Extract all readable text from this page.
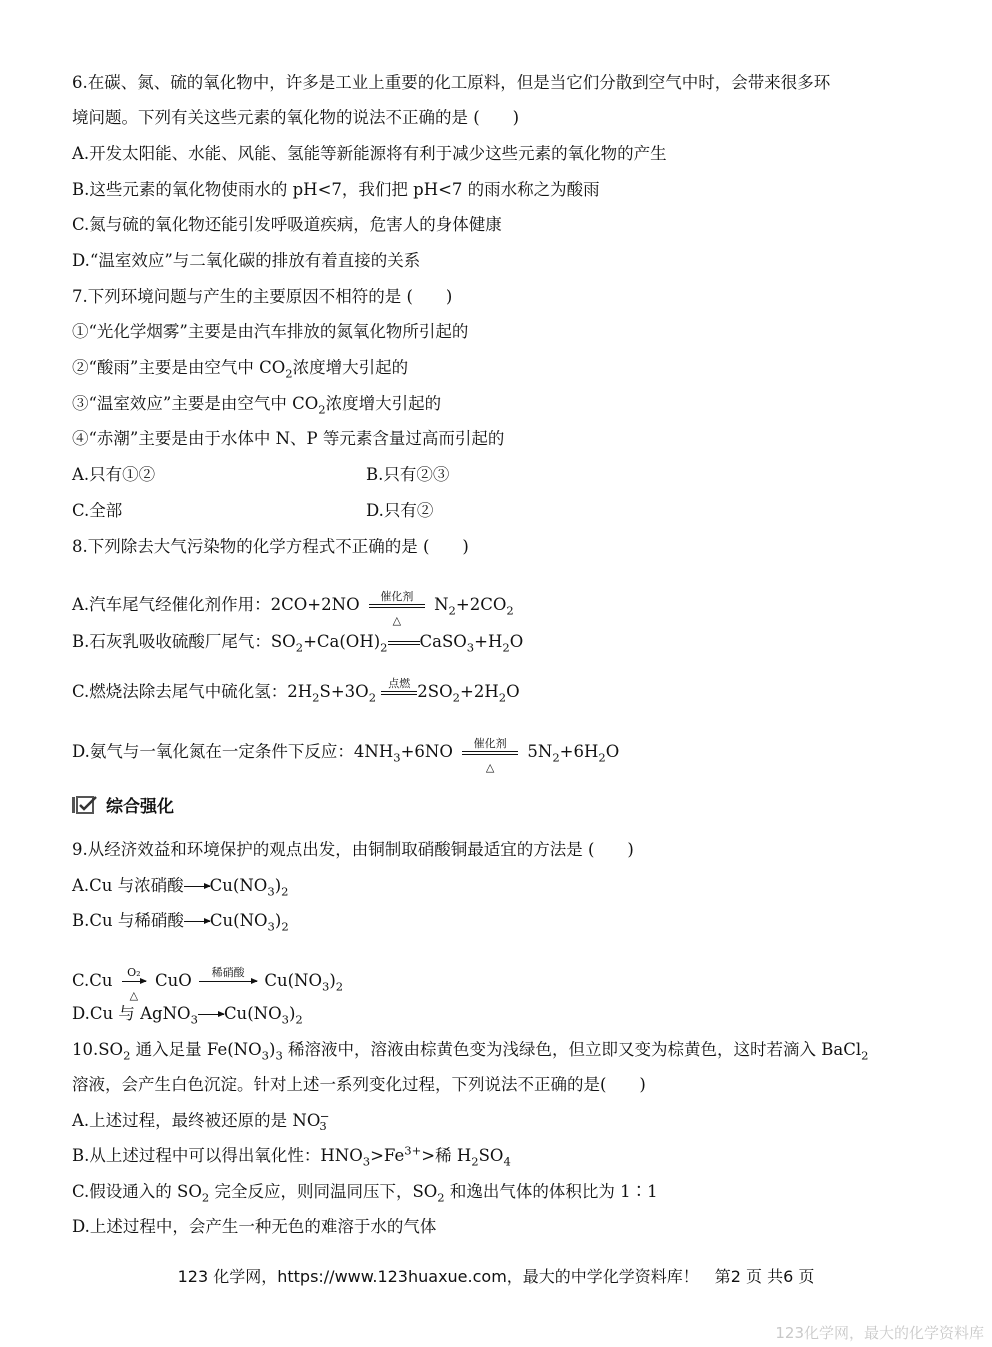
6.在碳、氮、硫的氧化物中，许多是工业上重要的化工原料，但是当它们分散到空气中时，会带来很多环
境问题。下列有关这些元素的氧化物的说法不正确的是 (　　)
A.开发太阳能、水能、风能、氢能等新能源将有利于减少这些元素的氧化物的产生
B.这些元素的氧化物使雨水的 pH<7，我们把 pH<7 的雨水称之为酸雨
C.氮与硫的氧化物还能引发呼吸道疾病，危害人的身体健康
D.“温室效应”与二氧化碳的排放有着直接的关系
7.下列环境问题与产生的主要原因不相符的是 (　　)
①“光化学烟雾”主要是由汽车排放的氮氧化物所引起的
②“酸雨”主要是由空气中 $CO_2$浓度增大引起的
③“温室效应”主要是由空气中 $CO_2$浓度增大引起的
④“赤潮”主要是由于水体中 N、P 等元素含量过高而引起的
A.只有①②	B.只有②③
C.全部	D.只有②
8.下列除去大气污染物的化学方程式不正确的是 (　　)
A.汽车尾气经催化剂作用：2CO+2NO	催化剂
△
$N_2+2CO_2$
B.石灰乳吸收硫酸厂尾气：$SO_2+Ca(OH)_2$ $CaSO_3+H_2O$
C.燃烧法除去尾气中硫化氢：$2H_2S+3O_2$
点燃 $2SO_2+2H_2O$
D.氨气与一氧化氮在一定条件下反应：$4NH_3+6NO$	催化剂
△
$5N_2+6H_2O$
综合强化
9.从经济效益和环境保护的观点出发，由铜制取硝酸铜最适宜的方法是 (　　)
A.Cu 与浓硝酸 $Cu(NO_3)_2$
B.Cu 与稀硝酸 $Cu(NO_3)_2$
C.Cu	O₂
△
CuO	稀硝酸	$Cu(NO_3)_2$
D.Cu 与 AgNO$_3$ $Cu(NO_3)_2$
$10.SO_2$ 通入足量 $Fe(NO_3)_3$ 稀溶液中，溶液由棕黄色变为浅绿色，但立即又变为棕黄色，这时若滴入 BaCl$_2$
溶液，会产生白色沉淀。针对上述一系列变化过程，下列说法不正确的是(　　)
A.上述过程，最终被还原的是 $NO_3^-$
B.从上述过程中可以得出氧化性：$HNO_3>Fe^{3+}>$稀 $H_2SO_4$
C.假设通入的 $SO_2$ 完全反应，则同温同压下，$SO_2$ 和逸出气体的体积比为 1∶1
D.上述过程中，会产生一种无色的难溶于水的气体
123 化学网，https://www.123huaxue.com，最大的中学化学资料库！　第2 页 共6 页
123化学网，最大的化学资料库
